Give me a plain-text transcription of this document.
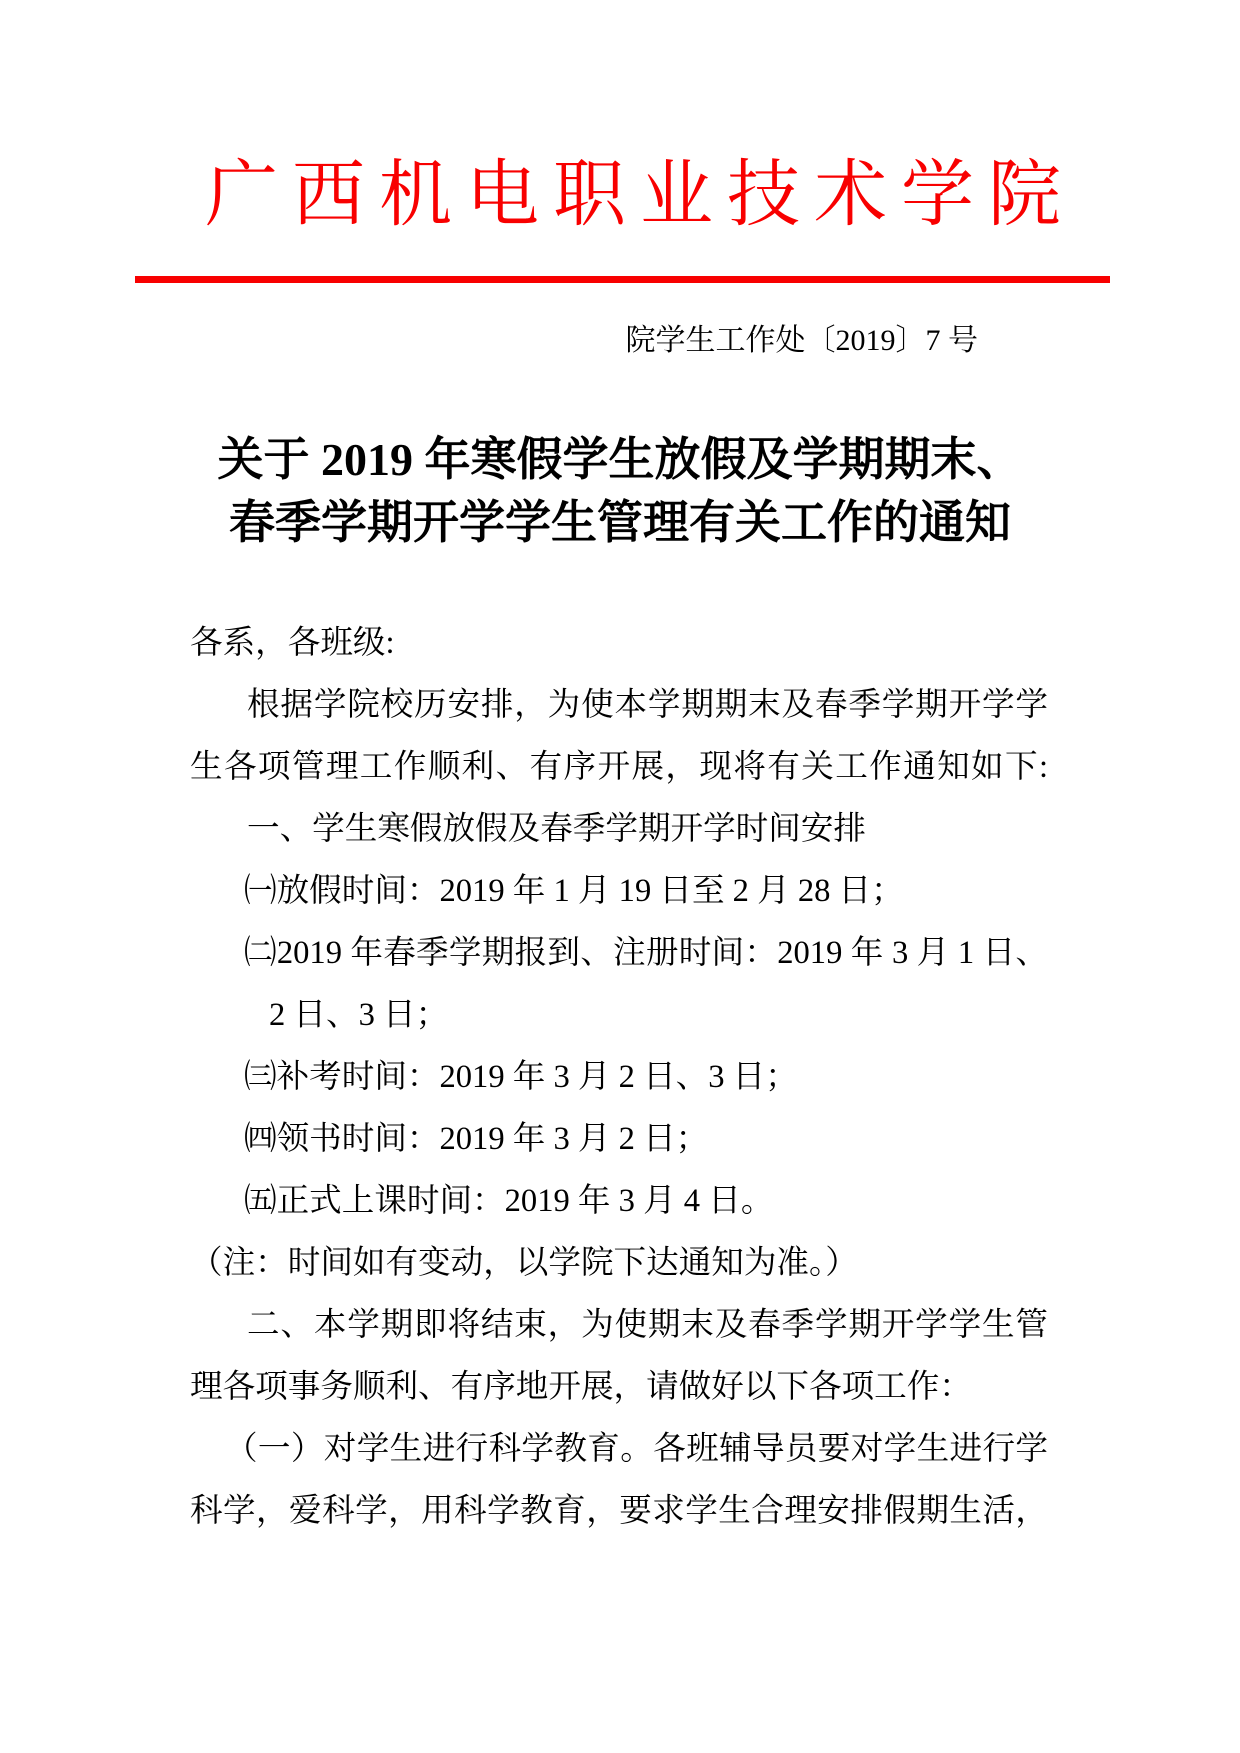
广西机电职业技术学院
院学生工作处〔2019〕7 号
关于 2019 年寒假学生放假及学期期末、
春季学期开学学生管理有关工作的通知
各系，各班级:
根据学院校历安排，为使本学期期末及春季学期开学学
生各项管理工作顺利、有序开展，现将有关工作通知如下:
一、学生寒假放假及春季学期开学时间安排
㈠放假时间：2019 年 1 月 19 日至 2 月 28 日；
㈡2019 年春季学期报到、注册时间：2019 年 3 月 1 日、
2 日、3 日；
㈢补考时间：2019 年 3 月 2 日、3 日；
㈣领书时间：2019 年 3 月 2 日；
㈤正式上课时间：2019 年 3 月 4 日。
（注：时间如有变动，以学院下达通知为准。）
二、本学期即将结束，为使期末及春季学期开学学生管
理各项事务顺利、有序地开展，请做好以下各项工作：
（一）对学生进行科学教育。各班辅导员要对学生进行学
科学，爱科学，用科学教育，要求学生合理安排假期生活，
